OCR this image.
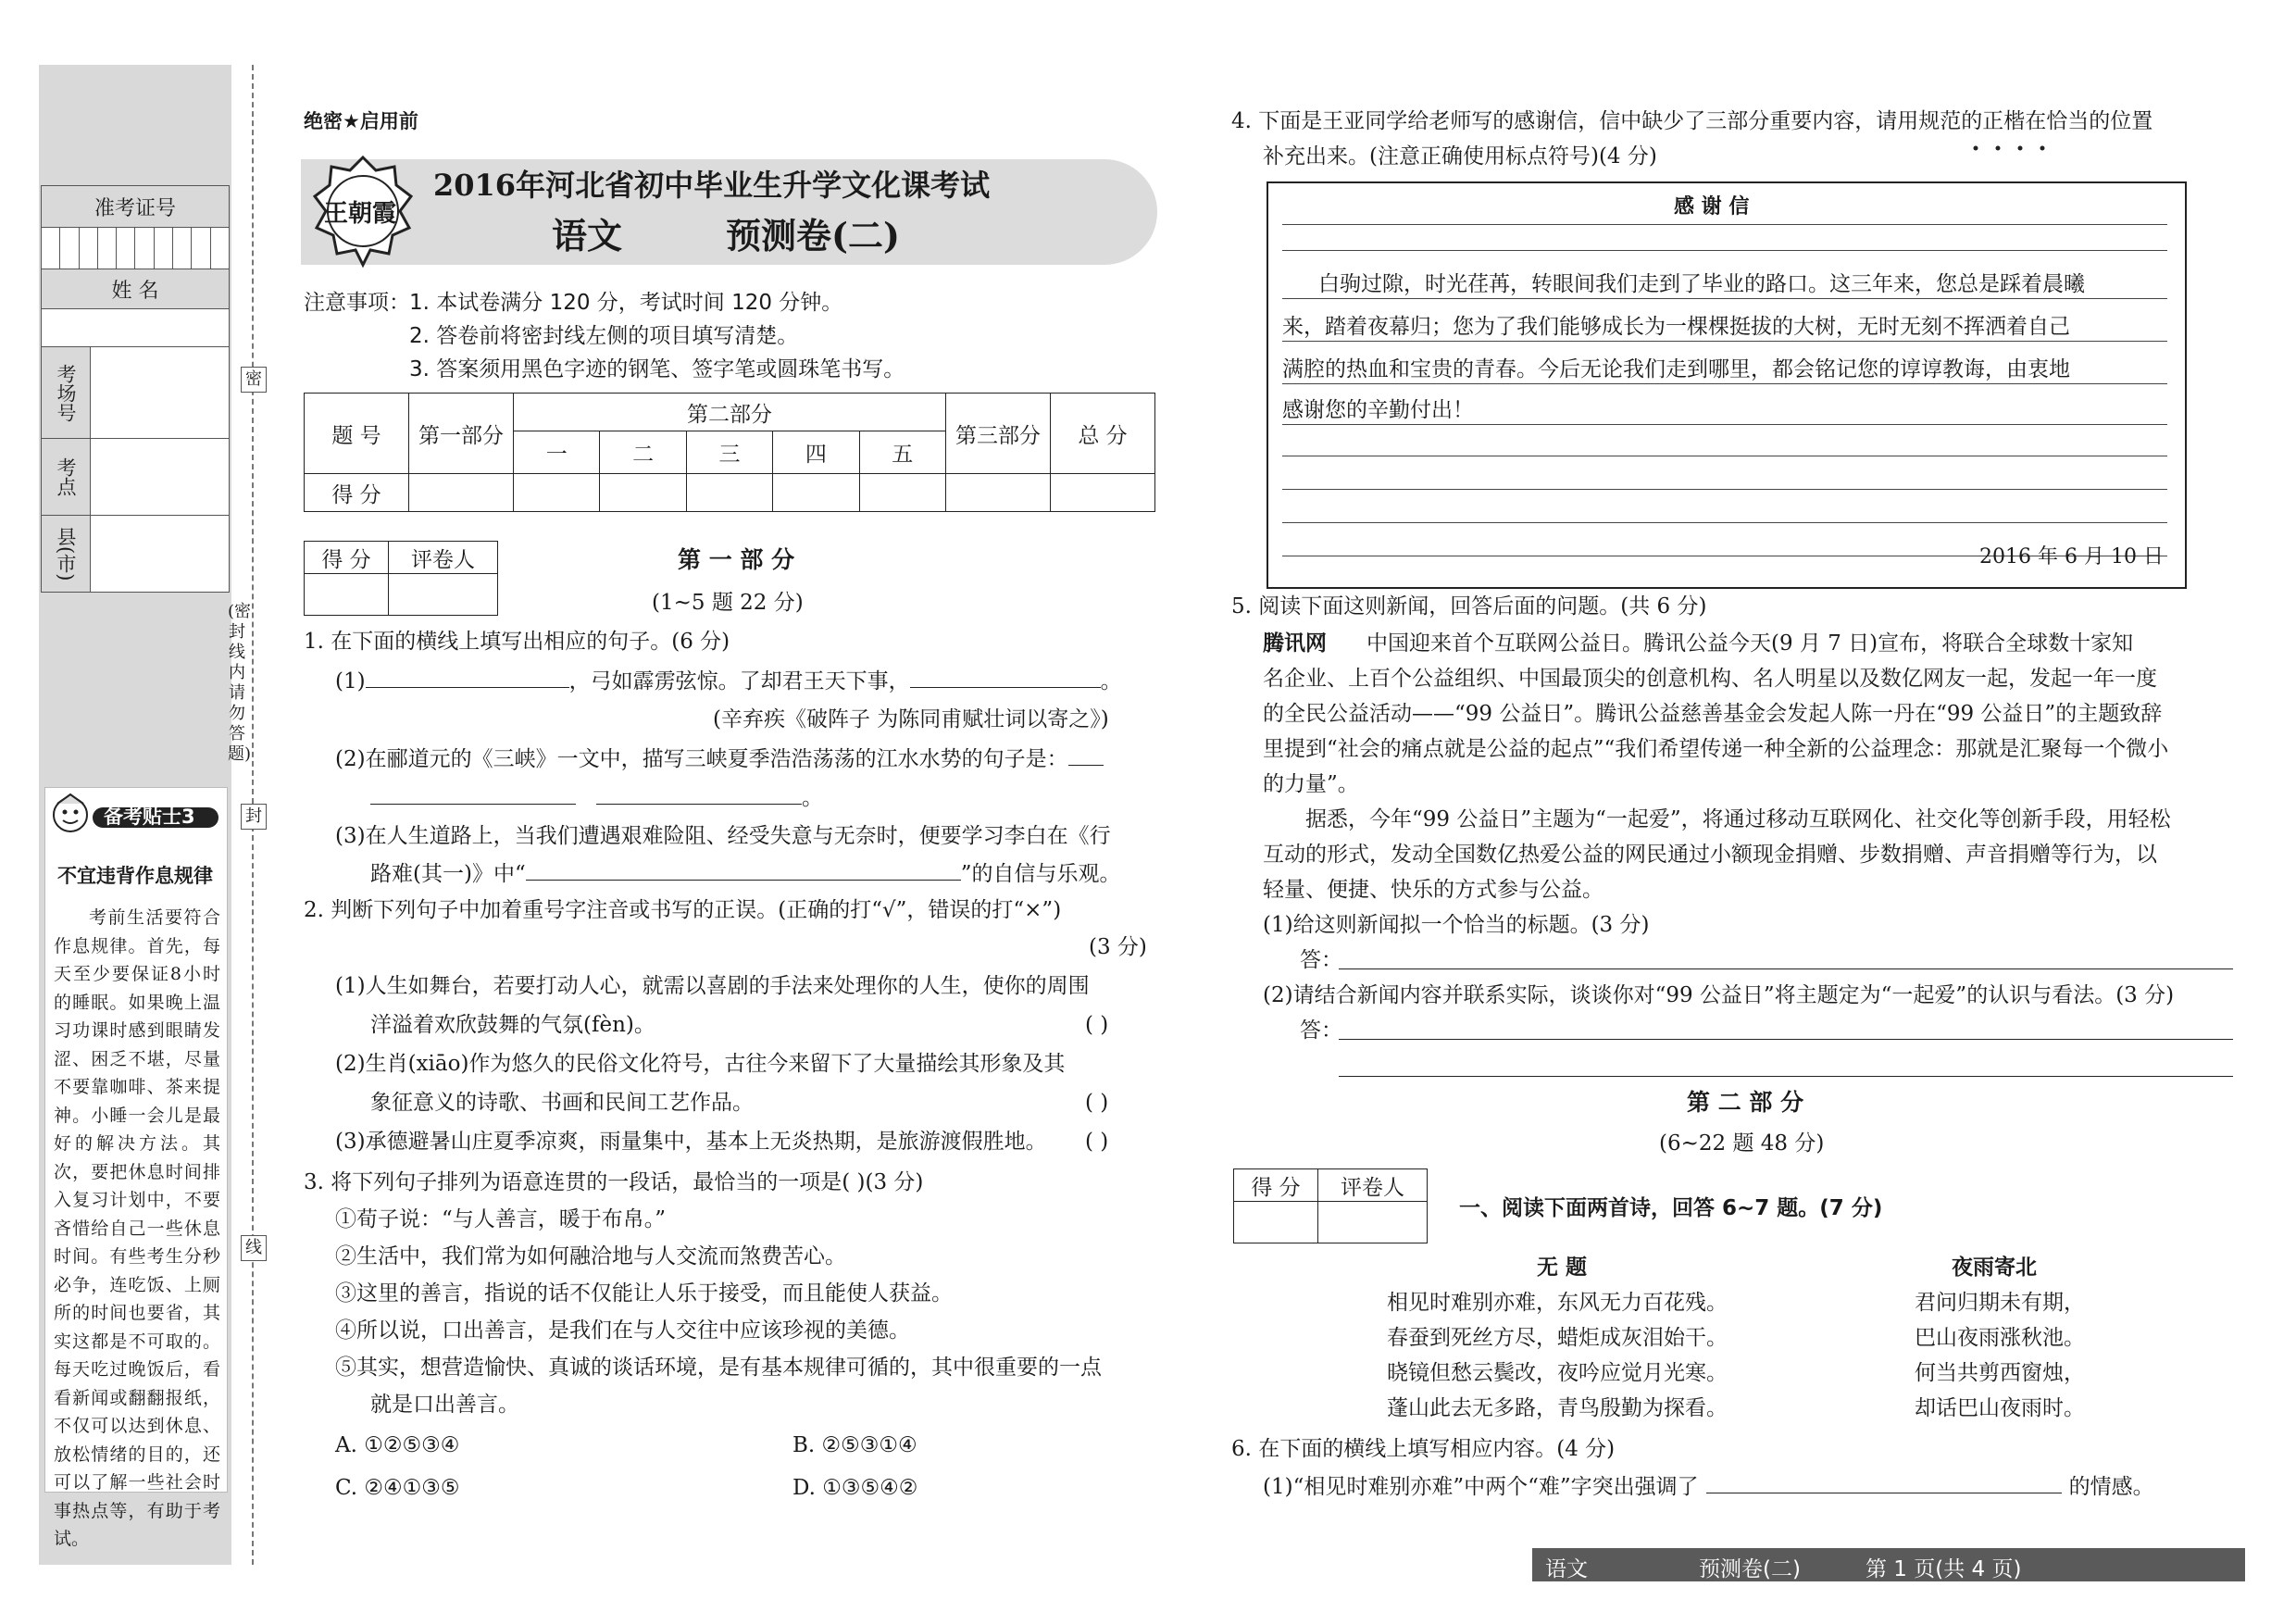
准考证号

姓 名

考场号	
考点	
县(市)	
密
封
线
(密封线内请勿答题)
备考贴士3
不宜违背作息规律
考前生活要符合作息规律。首先，每天至少要保证8小时的睡眠。如果晚上温习功课时感到眼睛发涩、困乏不堪，尽量不要靠咖啡、茶来提神。小睡一会儿是最好的解决方法。其次，要把休息时间排入复习计划中，不要吝惜给自己一些休息时间。有些考生分秒必争，连吃饭、上厕所的时间也要省，其实这都是不可取的。每天吃过晚饭后，看看新闻或翻翻报纸，不仅可以达到休息、放松情绪的目的，还可以了解一些社会时事热点等，有助于考试。
绝密★启用前
王朝霞
2016年河北省初中毕业生升学文化课考试
语文	预测卷(二)
注意事项： 1. 本试卷满分 120 分，考试时间 120 分钟。
2. 答卷前将密封线左侧的项目填写清楚。
3. 答案须用黑色字迹的钢笔、签字笔或圆珠笔书写。
题 号	第一部分	第二部分					第三部分	总 分
		一	二	三	四	五		
得 分								
得 分	评卷人
		第 一 部 分
(1~5 题 22 分)
1. 在下面的横线上填写出相应的句子。(6 分)
(1)	，弓如霹雳弦惊。了却君王天下事，	。
(辛弃疾《破阵子 为陈同甫赋壮词以寄之》)
(2)在郦道元的《三峡》一文中，描写三峡夏季浩浩荡荡的江水水势的句子是：
。
(3)在人生道路上，当我们遭遇艰难险阻、经受失意与无奈时，便要学习李白在《行
路难(其一)》中“	”的自信与乐观。
2. 判断下列句子中加着重号字注音或书写的正误。(正确的打“√”，错误的打“×”)
(3 分)
(1)人生如舞台，若要打动人心，就需以喜剧的手法来处理你的人生，使你的周围
洋溢着欢欣鼓舞的气氛(fèn)。	( )
(2)生肖(xiāo)作为悠久的民俗文化符号，古往今来留下了大量描绘其形象及其
象征意义的诗歌、书画和民间工艺作品。	( )
(3)承德避暑山庄夏季凉爽，雨量集中，基本上无炎热期，是旅游渡假胜地。 ( )
3. 将下列句子排列为语意连贯的一段话，最恰当的一项是( )(3 分)
①荀子说：“与人善言，暖于布帛。”
②生活中，我们常为如何融洽地与人交流而煞费苦心。
③这里的善言，指说的话不仅能让人乐于接受，而且能使人获益。
④所以说，口出善言，是我们在与人交往中应该珍视的美德。
⑤其实，想营造愉快、真诚的谈话环境，是有基本规律可循的，其中很重要的一点
就是口出善言。
A. ①②⑤③④	B. ②⑤③①④
C. ②④①③⑤	D. ①③⑤④②
4. 下面是王亚同学给老师写的感谢信，信中缺少了三部分重要内容，请用规范的正楷在恰当的位置
补充出来。(注意正确使用标点符号)(4 分)
感 谢 信
白驹过隙，时光荏苒，转眼间我们走到了毕业的路口。这三年来，您总是踩着晨曦
来，踏着夜幕归；您为了我们能够成长为一棵棵挺拔的大树，无时无刻不挥洒着自己
满腔的热血和宝贵的青春。今后无论我们走到哪里，都会铭记您的谆谆教诲，由衷地
感谢您的辛勤付出！
2016 年 6 月 10 日
5. 阅读下面这则新闻，回答后面的问题。(共 6 分)
腾讯网 中国迎来首个互联网公益日。腾讯公益今天(9 月 7 日)宣布，将联合全球数十家知
名企业、上百个公益组织、中国最顶尖的创意机构、名人明星以及数亿网友一起，发起一年一度
的全民公益活动——“99 公益日”。腾讯公益慈善基金会发起人陈一丹在“99 公益日”的主题致辞
里提到“社会的痛点就是公益的起点”“我们希望传递一种全新的公益理念：那就是汇聚每一个微小
的力量”。
据悉，今年“99 公益日”主题为“一起爱”，将通过移动互联网化、社交化等创新手段，用轻松
互动的形式，发动全国数亿热爱公益的网民通过小额现金捐赠、步数捐赠、声音捐赠等行为，以
轻量、便捷、快乐的方式参与公益。
(1)给这则新闻拟一个恰当的标题。(3 分)
答：
(2)请结合新闻内容并联系实际，谈谈你对“99 公益日”将主题定为“一起爱”的认识与看法。(3 分)
答：
第 二 部 分
(6~22 题 48 分)
得 分	评卷人

一、阅读下面两首诗，回答 6~7 题。(7 分)
无 题
相见时难别亦难，东风无力百花残。
春蚕到死丝方尽，蜡炬成灰泪始干。
晓镜但愁云鬓改，夜吟应觉月光寒。
蓬山此去无多路，青鸟殷勤为探看。
夜雨寄北
君问归期未有期，
巴山夜雨涨秋池。
何当共剪西窗烛，
却话巴山夜雨时。
6. 在下面的横线上填写相应内容。(4 分)
(1)“相见时难别亦难”中两个“难”字突出强调了	的情感。
语文	预测卷(二)	第 1 页(共 4 页)
